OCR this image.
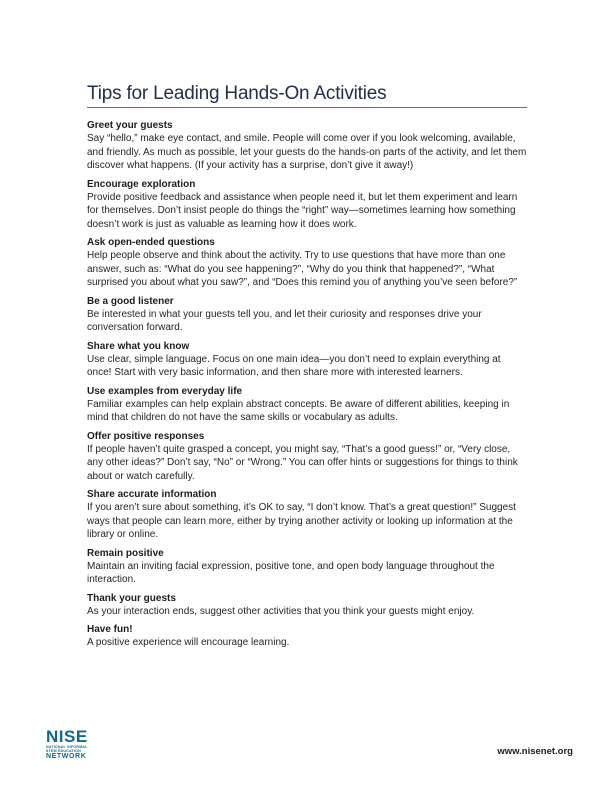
Tips for Leading Hands-On Activities
Greet your guests
Say “hello,” make eye contact, and smile. People will come over if you look welcoming, available, and friendly. As much as possible, let your guests do the hands-on parts of the activity, and let them discover what happens. (If your activity has a surprise, don’t give it away!)
Encourage exploration
Provide positive feedback and assistance when people need it, but let them experiment and learn for themselves. Don’t insist people do things the “right” way—sometimes learning how something doesn’t work is just as valuable as learning how it does work.
Ask open-ended questions
Help people observe and think about the activity. Try to use questions that have more than one answer, such as: “What do you see happening?”, “Why do you think that happened?”, “What surprised you about what you saw?”, and “Does this remind you of anything you’ve seen before?”
Be a good listener
Be interested in what your guests tell you, and let their curiosity and responses drive your conversation forward.
Share what you know
Use clear, simple language. Focus on one main idea—you don’t need to explain everything at once! Start with very basic information, and then share more with interested learners.
Use examples from everyday life
Familiar examples can help explain abstract concepts. Be aware of different abilities, keeping in mind that children do not have the same skills or vocabulary as adults.
Offer positive responses
If people haven’t quite grasped a concept, you might say, “That’s a good guess!” or, “Very close, any other ideas?” Don’t say, “No” or “Wrong.” You can offer hints or suggestions for things to think about or watch carefully.
Share accurate information
If you aren’t sure about something, it’s OK to say, “I don’t know. That’s a great question!” Suggest ways that people can learn more, either by trying another activity or looking up information at the library or online.
Remain positive
Maintain an inviting facial expression, positive tone, and open body language throughout the interaction.
Thank your guests
As your interaction ends, suggest other activities that you think your guests might enjoy.
Have fun!
A positive experience will encourage learning.
NISE
NATIONAL INFORMAL
STEM EDUCATION
NETWORK	www.nisenet.org
